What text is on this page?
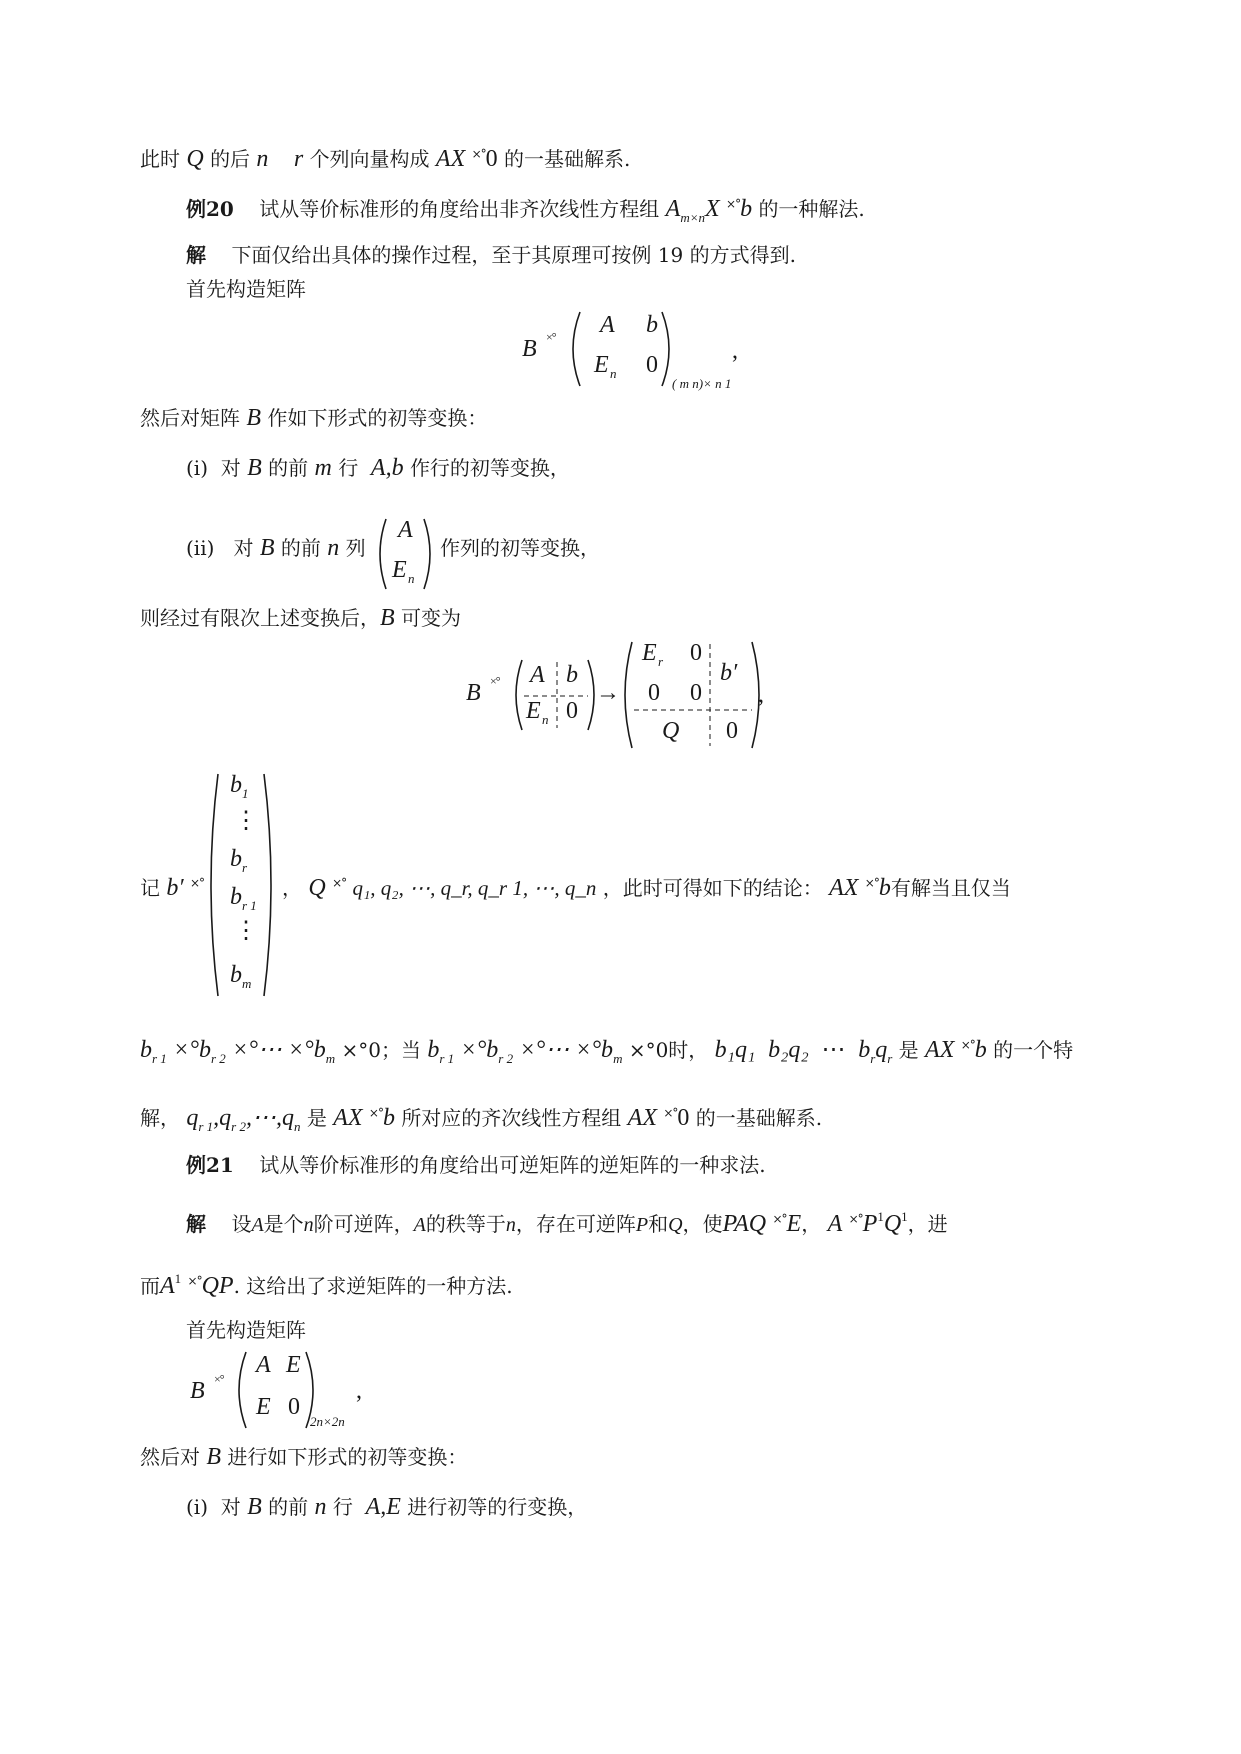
此时 Q 的后 n r 个列向量构成 AX ×°0 的一基础解系.
例20 试从等价标准形的角度给出非齐次线性方程组 $A_{m\times n}X$ ×°b 的一种解法.
解 下面仅给出具体的操作过程，至于其原理可按例 19 的方式得到.
首先构造矩阵
B ×° A b
E n 0
( m n)× n 1
,
然后对矩阵 B 作如下形式的初等变换：
(i) 对 B 的前 m 行 A,b 作行的初等变换，
(ii) 对 B 的前 n 列
A
E n
作列的初等变换，
则经过有限次上述变换后，B 可变为
B ×° A b
E n 0
→
E r 0
b′
0 0
Q 0
,
记 b′ ×°
b 1
⋮
b r
b r 1
⋮
b m
， Q ×° q₁, q₂, ⋯, q_r, q_r 1, ⋯, q_n ，此时可得如下的结论： AX ×°b有解当且仅当
$b_{r 1} \times^\circ b_{r 2}$ ×°⋯ $\times^\circ b_m \times^\circ 0$；当 $b_{r 1} \times^\circ b_{r 2}$ ×°⋯ $\times^\circ b_m \times^\circ 0$时， b₁q₁ b₂q₂ ⋯ $b_rq_r$ 是 AX ×°b 的一个特
解， $q_{r 1},q_{r 2},\cdots,q_n$ 是 AX ×°b 所对应的齐次线性方程组 AX ×°0 的一基础解系.
例21 试从等价标准形的角度给出可逆矩阵的逆矩阵的一种求法.
解 设A是个n阶可逆阵，A的秩等于n，存在可逆阵P和Q，使PAQ ×°E， A $^{\times^\circ}P^1Q^1$，进
而$A^1$ ×°QP. 这给出了求逆矩阵的一种方法.
首先构造矩阵
B ×°
A E
E 0
2n×2n
,
然后对 B 进行如下形式的初等变换：
(i) 对 B 的前 n 行 A,E 进行初等的行变换，
